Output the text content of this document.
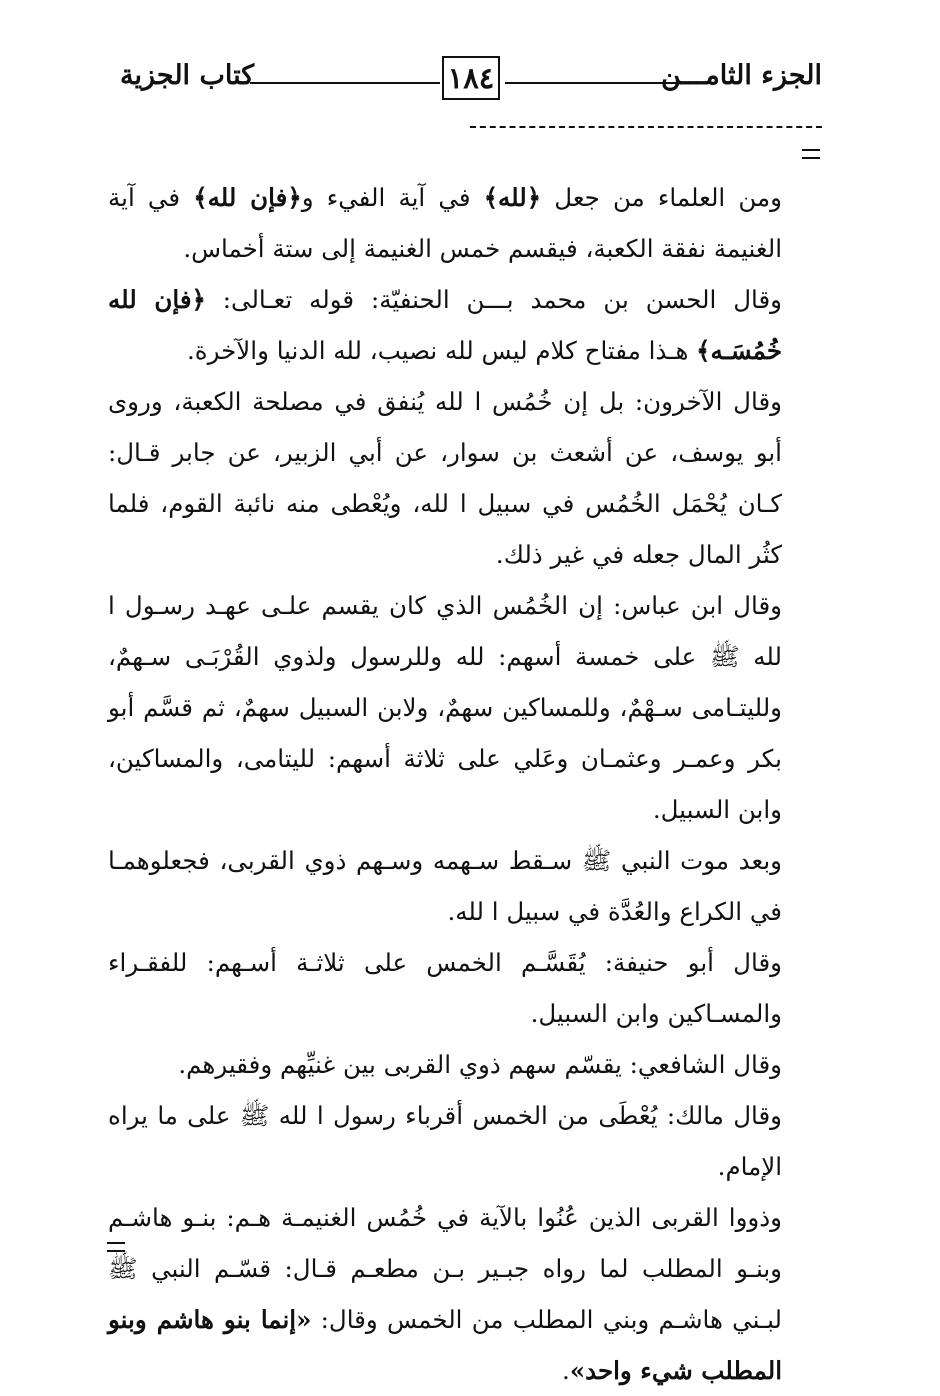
الجزء الثامـــن
١٨٤
كتاب الجزية

ومن العلماء من جعل ﴿لله﴾ في آية الفيء و﴿فإن لله﴾ في آية الغنيمة نفقة الكعبة، فيقسم خمس الغنيمة إلى ستة أخماس.

وقال الحسن بن محمد بـــن الحنفيّة: قوله تعـالى: ﴿فإن لله خُمُسَـه﴾ هـذا مفتاح كلام ليس لله نصيب، لله الدنيا والآخرة.

وقال الآخرون: بل إن خُمُس ا لله يُنفق في مصلحة الكعبة، وروى أبو يوسف، عن أشعث بن سوار، عن أبي الزبير، عن جابر قـال: كـان يُحْمَل الخُمُس في سبيل ا لله، ويُعْطى منه نائبة القوم، فلما كثُر المال جعله في غير ذلك.

وقال ابن عباس: إن الخُمُس الذي كان يقسم علـى عهـد رسـول ا لله ﷺ على خمسة أسهم: لله وللرسول ولذوي القُرْبَـى سـهمٌ، ولليتـامى سـهْمٌ، وللمساكين سهمٌ، ولابن السبيل سهمٌ، ثم قسَّم أبو بكر وعمـر وعثمـان وعَلي على ثلاثة أسهم: لليتامى، والمساكين، وابن السبيل.

وبعد موت النبي ﷺ سـقط سـهمه وسـهم ذوي القربى، فجعلوهمـا في الكراع والعُدَّة في سبيل ا لله.

وقال أبو حنيفة: يُقَسَّـم الخمس على ثلاثـة أسـهم: للفقـراء والمسـاكين وابن السبيل.

وقال الشافعي: يقسّم سهم ذوي القربى بين غنيِّهم وفقيرهم.

وقال مالك: يُعْطَى من الخمس أقرباء رسول ا لله ﷺ على ما يراه الإمام.

وذووا القربى الذين عُنُوا بالآية في خُمُس الغنيمـة هـم: بنـو هاشـم وبنـو المطلب لما رواه جبـير بـن مطعـم قـال: قسّـم النبي ﷺ لبـني هاشـم وبني المطلب من الخمس وقال: «إنما بنو هاشم وبنو المطلب شيء واحد».
